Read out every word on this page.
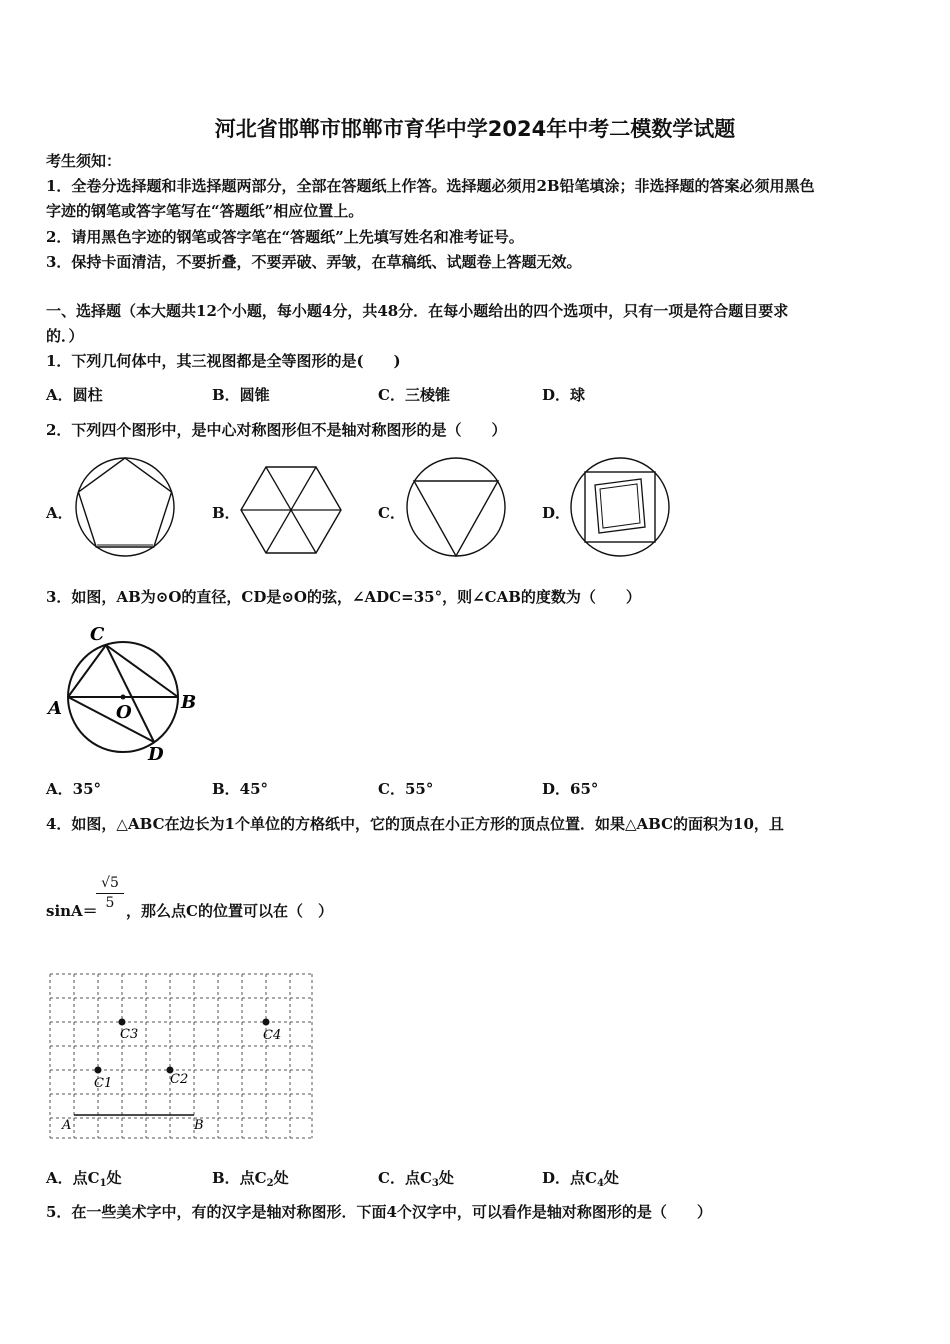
河北省邯郸市邯郸市育华中学2024年中考二模数学试题
考生须知：
1．全卷分选择题和非选择题两部分，全部在答题纸上作答。选择题必须用2B铅笔填涂；非选择题的答案必须用黑色
字迹的钢笔或答字笔写在“答题纸”相应位置上。
2．请用黑色字迹的钢笔或答字笔在“答题纸”上先填写姓名和准考证号。
3．保持卡面清洁，不要折叠，不要弄破、弄皱，在草稿纸、试题卷上答题无效。
一、选择题（本大题共12个小题，每小题4分，共48分．在每小题给出的四个选项中，只有一项是符合题目要求
的．）
1．下列几何体中，其三视图都是全等图形的是(　　)
A．圆柱	B．圆锥	C．三棱锥	D．球
2．下列四个图形中，是中心对称图形但不是轴对称图形的是（　　）
A．	B．	C．	D．
3．如图，AB为⊙O的直径，CD是⊙O的弦，∠ADC=35°，则∠CAB的度数为（　　）
C
A	B
O
D
A．35°	B．45°	C．55°	D．65°
4．如图，△ABC在边长为1个单位的方格纸中，它的顶点在小正方形的顶点位置．如果△ABC的面积为10，且
sinA＝
$\frac{√5}{5}$ ，那么点C的位置可以在（　）
A	B
C1	C2
C3	C4
A．点$C_1$处	B．点$C_2$处	C．点$C_3$处	D．点$C_4$处
5．在一些美术字中，有的汉字是轴对称图形．下面4个汉字中，可以看作是轴对称图形的是（　　）
